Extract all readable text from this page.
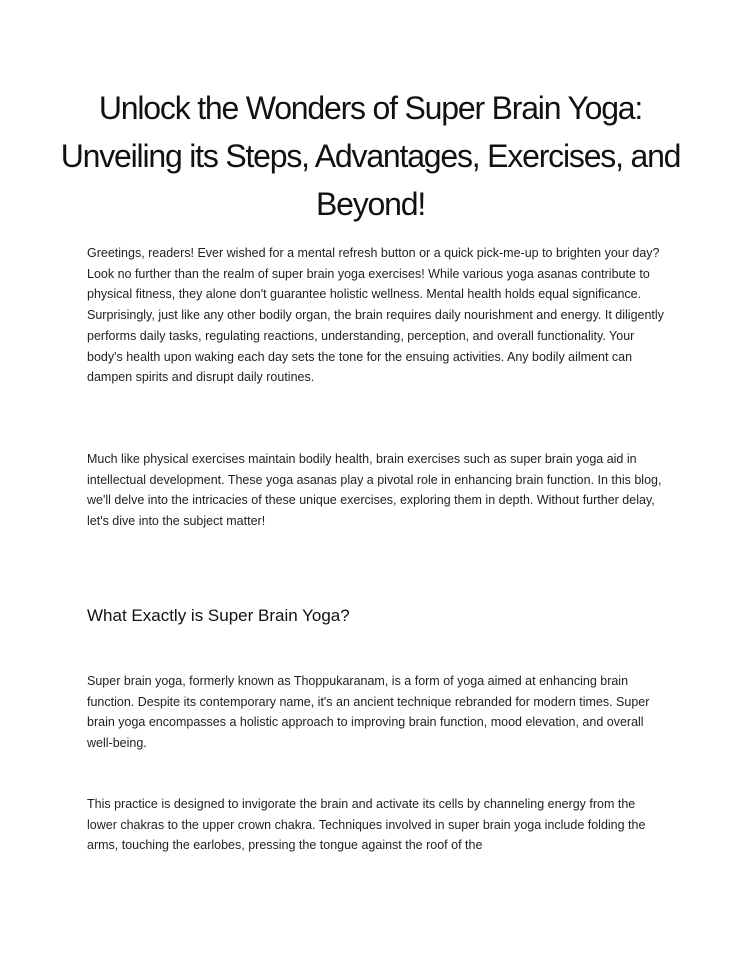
Unlock the Wonders of Super Brain Yoga: Unveiling its Steps, Advantages, Exercises, and Beyond!

Greetings, readers! Ever wished for a mental refresh button or a quick pick-me-up to brighten your day? Look no further than the realm of super brain yoga exercises! While various yoga asanas contribute to physical fitness, they alone don't guarantee holistic wellness. Mental health holds equal significance. Surprisingly, just like any other bodily organ, the brain requires daily nourishment and energy. It diligently performs daily tasks, regulating reactions, understanding, perception, and overall functionality. Your body's health upon waking each day sets the tone for the ensuing activities. Any bodily ailment can dampen spirits and disrupt daily routines.

Much like physical exercises maintain bodily health, brain exercises such as super brain yoga aid in intellectual development. These yoga asanas play a pivotal role in enhancing brain function. In this blog, we'll delve into the intricacies of these unique exercises, exploring them in depth. Without further delay, let's dive into the subject matter!

What Exactly is Super Brain Yoga?

Super brain yoga, formerly known as Thoppukaranam, is a form of yoga aimed at enhancing brain function. Despite its contemporary name, it's an ancient technique rebranded for modern times. Super brain yoga encompasses a holistic approach to improving brain function, mood elevation, and overall well-being.

This practice is designed to invigorate the brain and activate its cells by channeling energy from the lower chakras to the upper crown chakra. Techniques involved in super brain yoga include folding the arms, touching the earlobes, pressing the tongue against the roof of the
